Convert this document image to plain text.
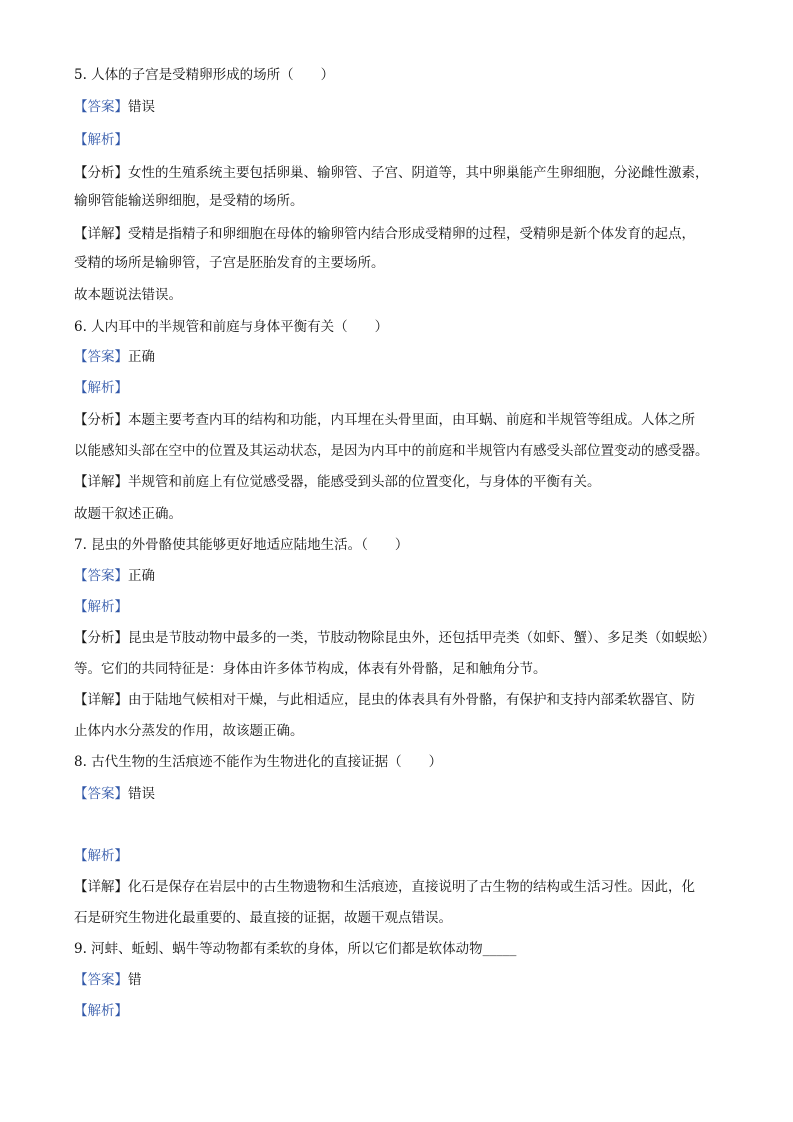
5. 人体的子宫是受精卵形成的场所（　　）
【答案】错误
【解析】
【分析】女性的生殖系统主要包括卵巢、输卵管、子宫、阴道等，其中卵巢能产生卵细胞，分泌雌性激素，
输卵管能输送卵细胞，是受精的场所。
【详解】受精是指精子和卵细胞在母体的输卵管内结合形成受精卵的过程，受精卵是新个体发育的起点，
受精的场所是输卵管，子宫是胚胎发育的主要场所。
故本题说法错误。
6. 人内耳中的半规管和前庭与身体平衡有关（　　）
【答案】正确
【解析】
【分析】本题主要考查内耳的结构和功能，内耳埋在头骨里面，由耳蜗、前庭和半规管等组成。人体之所
以能感知头部在空中的位置及其运动状态，是因为内耳中的前庭和半规管内有感受头部位置变动的感受器。
【详解】半规管和前庭上有位觉感受器，能感受到头部的位置变化，与身体的平衡有关。
故题干叙述正确。
7. 昆虫的外骨骼使其能够更好地适应陆地生活。（　　）
【答案】正确
【解析】
【分析】昆虫是节肢动物中最多的一类，节肢动物除昆虫外，还包括甲壳类（如虾、蟹）、多足类（如蜈蚣）
等。它们的共同特征是：身体由许多体节构成，体表有外骨骼，足和触角分节。
【详解】由于陆地气候相对干燥，与此相适应，昆虫的体表具有外骨骼，有保护和支持内部柔软器官、防
止体内水分蒸发的作用，故该题正确。
8. 古代生物的生活痕迹不能作为生物进化的直接证据（　　）
【答案】错误
【解析】
【详解】化石是保存在岩层中的古生物遗物和生活痕迹，直接说明了古生物的结构或生活习性。因此，化
石是研究生物进化最重要的、最直接的证据，故题干观点错误。
9. 河蚌、蚯蚓、蜗牛等动物都有柔软的身体，所以它们都是软体动物_____
【答案】错
【解析】
